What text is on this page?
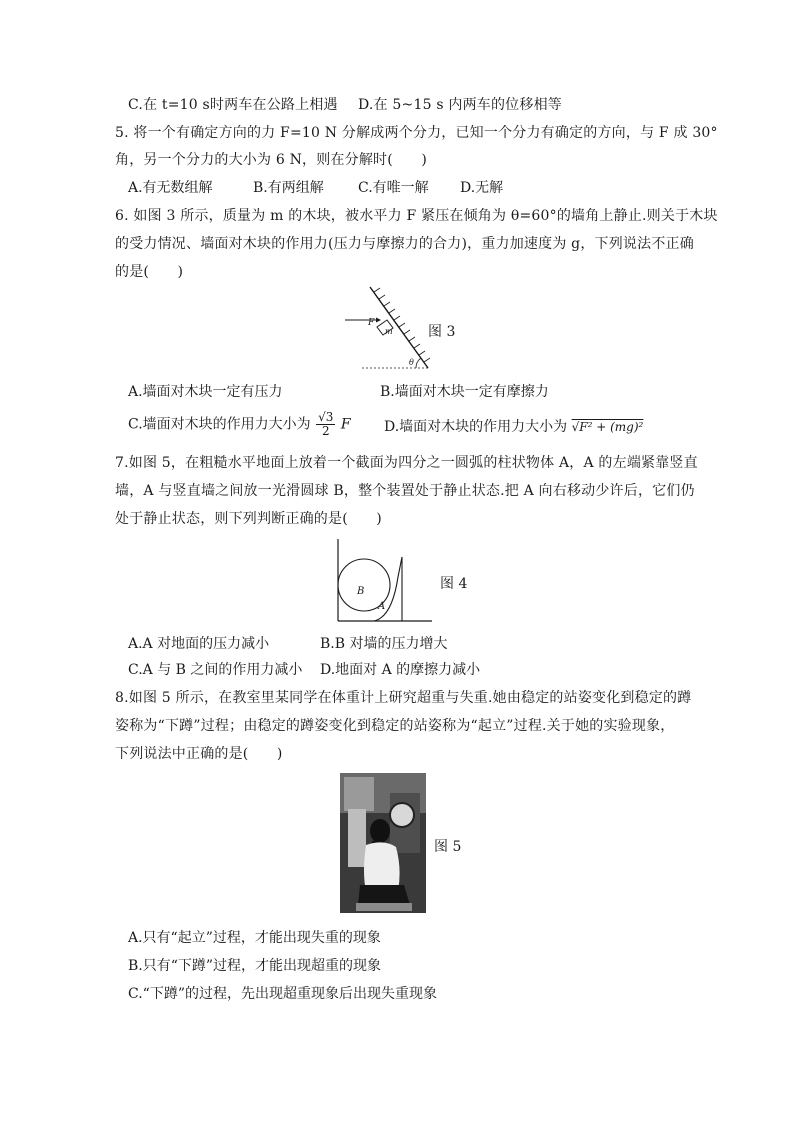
C.在 t=10 s时两车在公路上相遇 D.在 5~15 s 内两车的位移相等
5. 将一个有确定方向的力 F=10 N 分解成两个分力，已知一个分力有确定的方向，与 F 成 30°
角，另一个分力的大小为 6 N，则在分解时(　　)
A.有无数组解	B.有两组解 C.有唯一解 D.无解
6. 如图 3 所示，质量为 m 的木块，被水平力 F 紧压在倾角为 θ=60°的墙角上静止.则关于木块
的受力情况、墙面对木块的作用力(压力与摩擦力的合力)，重力加速度为 g，下列说法不正确
的是(　　)
F
m
θ
图 3
A.墙面对木块一定有压力	B.墙面对木块一定有摩擦力
C.墙面对木块的作用力大小为 $\frac{√3}{2}$ F D.墙面对木块的作用力大小为 √F² + (mg)²
7.如图 5，在粗糙水平地面上放着一个截面为四分之一圆弧的柱状物体 A，A 的左端紧靠竖直
墙，A 与竖直墙之间放一光滑圆球 B，整个装置处于静止状态.把 A 向右移动少许后，它们仍
处于静止状态，则下列判断正确的是(　　)
B
A
图 4
A.A 对地面的压力减小	B.B 对墙的压力增大
C.A 与 B 之间的作用力减小 D.地面对 A 的摩擦力减小
8.如图 5 所示，在教室里某同学在体重计上研究超重与失重.她由稳定的站姿变化到稳定的蹲
姿称为“下蹲”过程；由稳定的蹲姿变化到稳定的站姿称为“起立”过程.关于她的实验现象，
下列说法中正确的是(　　)
图 5
A.只有“起立”过程，才能出现失重的现象
B.只有“下蹲”过程，才能出现超重的现象
C.“下蹲”的过程，先出现超重现象后出现失重现象
